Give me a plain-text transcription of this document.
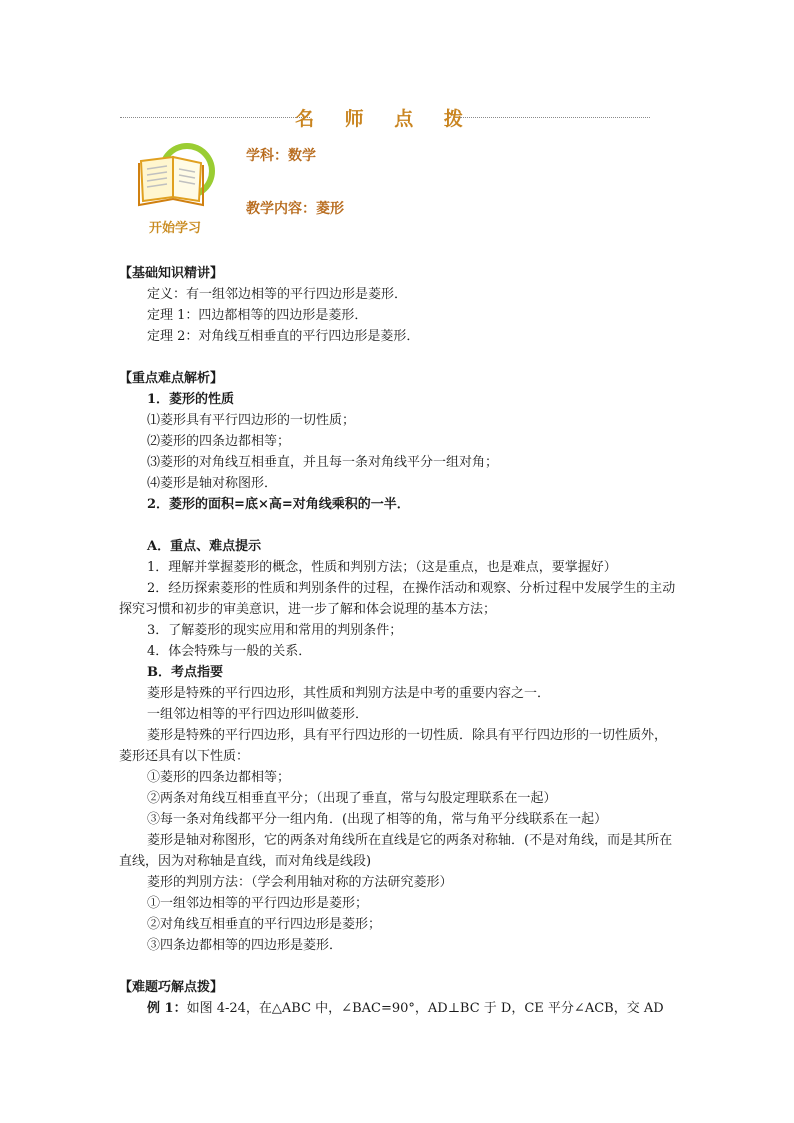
名 师 点 拨
开始学习
学科：数学
教学内容：菱形
【基础知识精讲】
定义：有一组邻边相等的平行四边形是菱形．
定理 1：四边都相等的四边形是菱形．
定理 2：对角线互相垂直的平行四边形是菱形．
【重点难点解析】
1．菱形的性质
⑴菱形具有平行四边形的一切性质；
⑵菱形的四条边都相等；
⑶菱形的对角线互相垂直，并且每一条对角线平分一组对角；
⑷菱形是轴对称图形．
2．菱形的面积=底×高=对角线乘积的一半．
A．重点、难点提示
1．理解并掌握菱形的概念，性质和判别方法；（这是重点，也是难点，要掌握好）
2．经历探索菱形的性质和判别条件的过程，在操作活动和观察、分析过程中发展学生的主动探究习惯和初步的审美意识，进一步了解和体会说理的基本方法；
3．了解菱形的现实应用和常用的判别条件；
4．体会特殊与一般的关系．
B．考点指要
菱形是特殊的平行四边形，其性质和判别方法是中考的重要内容之一．
一组邻边相等的平行四边形叫做菱形．
菱形是特殊的平行四边形，具有平行四边形的一切性质．除具有平行四边形的一切性质外，菱形还具有以下性质：
①菱形的四条边都相等；
②两条对角线互相垂直平分；（出现了垂直，常与勾股定理联系在一起）
③每一条对角线都平分一组内角．(出现了相等的角，常与角平分线联系在一起）
菱形是轴对称图形，它的两条对角线所在直线是它的两条对称轴．(不是对角线，而是其所在直线，因为对称轴是直线，而对角线是线段)
菱形的判別方法：（学会利用轴对称的方法研究菱形）
①一组邻边相等的平行四边形是菱形；
②对角线互相垂直的平行四边形是菱形；
③四条边都相等的四边形是菱形．
【难题巧解点拨】
例 1：如图 4-24，在△ABC 中，∠BAC=90°，AD⊥BC 于 D，CE 平分∠ACB，交 AD
